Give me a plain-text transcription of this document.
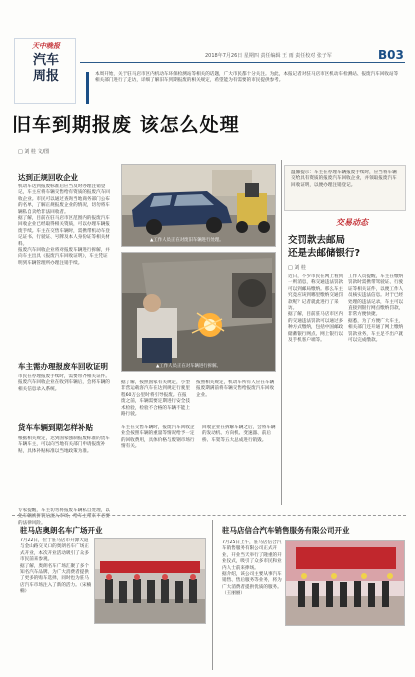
天中晚报
汽车
周报
2018年7月26日 星期四 责任编辑 王 雨 责任校对 张子军	B03
本周开始，关于驻马店市区内机动车环保检测站等相关的话题，广大市民都十分关注。为此，本报记者对驻马店市区机动车检测站、报废汽车回收站等相关部门进行了走访，详细了解旧车到期报废的相关规定，希望能为有需要的市民提供参考。
旧车到期报废 该怎么处理
□ 刘 桂 文/图
达到正规回收企业

机动车达到报废标准后应当及时办理注销登记，车主应将车辆交售给有资质的报废汽车回收企业。市民可以通过查询当地商务部门公布的名单，了解正规报废企业的情况，切勿将车辆私自卖给非法回收者。

据了解，目前在驻马店市区范围内的报废汽车回收企业已经取得相关资质，可以办理车辆报废手续。车主在交售车辆时，需携带机动车登记证书、行驶证、号牌及本人身份证等相关材料。

报废汽车回收企业将对报废车辆进行拆解，并向车主出具《报废汽车回收证明》，车主凭证明到车辆管理所办理注销手续。

车主需办理报废车回收证明

市民在办理报废手续时，需要带齐相关证件。报废汽车回收企业在收到车辆后，会将车辆的相关信息录入系统。

货车车辆到期怎样补贴

根据相关规定，达到国家强制报废标准的货车车辆车主，可以向当地有关部门申请报废补贴，具体补贴标准以当地政策为准。

▲工作人员正在对废旧车辆进行处理。
▲工作人员正在对车辆进行拆解。

专家提醒，车主切勿将报废车辆私自处理，以免车辆被拼装后流入市场，给车主带来不必要的法律风险。

据了解，按照国家有关规定，小型非营运载客汽车在达到规定行驶里程60万公里时将引导报废。在报废之前，车辆需要定期进行安全技术检验，检验不合格的车辆不能上路行驶。

按照相关规定，机动车所有人应在车辆报废期满前将车辆交售给报废汽车回收企业。

车主在交售车辆时，报废汽车回收企业会按照车辆的重量等情况给予一定的回收费用，具体价格与废钢市场行情有关。

回收企业在拆解车辆之后，会将车辆的发动机、方向机、变速器、前后桥、车架等五大总成进行销毁。

温馨提示：车主在办理车辆报废手续时，应当将车辆交给具有资质的报废汽车回收企业，并领取报废汽车回收证明，以便办理注销登记。
交易动态
交罚款去邮局
还是去邮储银行?
□ 刘 桂

近日，不少市民在网上看到一则消息，称交通违法罚款可以到邮局缴纳。那么车主究竟应该到哪里缴纳交通罚款呢？记者就此进行了采访。

据了解，目前驻马店市区内的交通违法罚款可以通过多种方式缴纳，包括中国邮政储蓄银行网点、网上银行以及手机客户端等。

工作人员提醒，车主在缴纳罚款时需携带驾驶证、行驶证等相关证件，以便工作人员核实违法信息。对于已经处理的违法记录，车主可以直接到银行网点缴纳罚款，非常方便快捷。

据悉，为了方便广大车主，相关部门还开通了网上缴纳罚款业务，车主足不出户就可以完成缴款。

驻马店奥朗名车广场开业

7月22日，位于驻马店市开源大道与金山路交叉口的奥朗名车广场正式开业，本次开业活动吸引了众多市民前来参观。

据了解，奥朗名车广场汇聚了多个知名汽车品牌，为广大消费者提供了更多的购车选择，同时也为驻马店汽车市场注入了新的活力。（宋楠楠）

驻马店信合汽车销售服务有限公司开业

7月25日上午，驻马店信合汽车销售服务有限公司正式开业，开业当天举行了隆重的开业仪式，吸引了众多市民和业内人士前来捧场。

据介绍，该公司主要从事汽车销售、售后服务等业务，将为广大消费者提供优质的服务。（王丽丽）
